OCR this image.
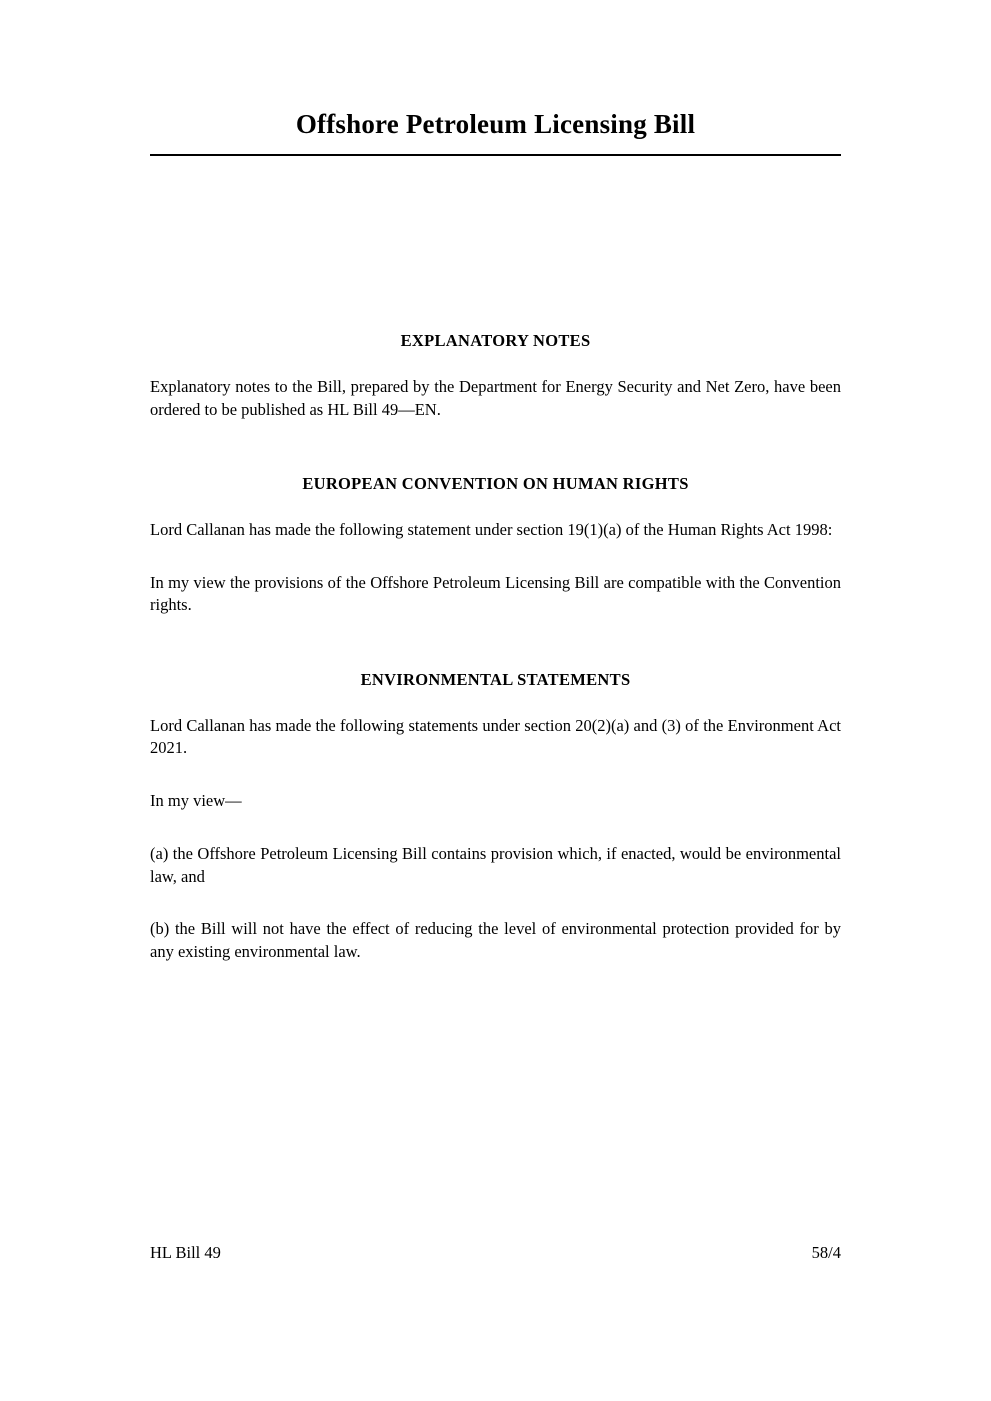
Offshore Petroleum Licensing Bill
EXPLANATORY NOTES

Explanatory notes to the Bill, prepared by the Department for Energy Security and Net Zero, have been ordered to be published as HL Bill 49—EN.

EUROPEAN CONVENTION ON HUMAN RIGHTS

Lord Callanan has made the following statement under section 19(1)(a) of the Human Rights Act 1998:

In my view the provisions of the Offshore Petroleum Licensing Bill are compatible with the Convention rights.

ENVIRONMENTAL STATEMENTS

Lord Callanan has made the following statements under section 20(2)(a) and (3) of the Environment Act 2021.

In my view—

(a) the Offshore Petroleum Licensing Bill contains provision which, if enacted, would be environmental law, and

(b) the Bill will not have the effect of reducing the level of environmental protection provided for by any existing environmental law.

HL Bill 49	58/4
